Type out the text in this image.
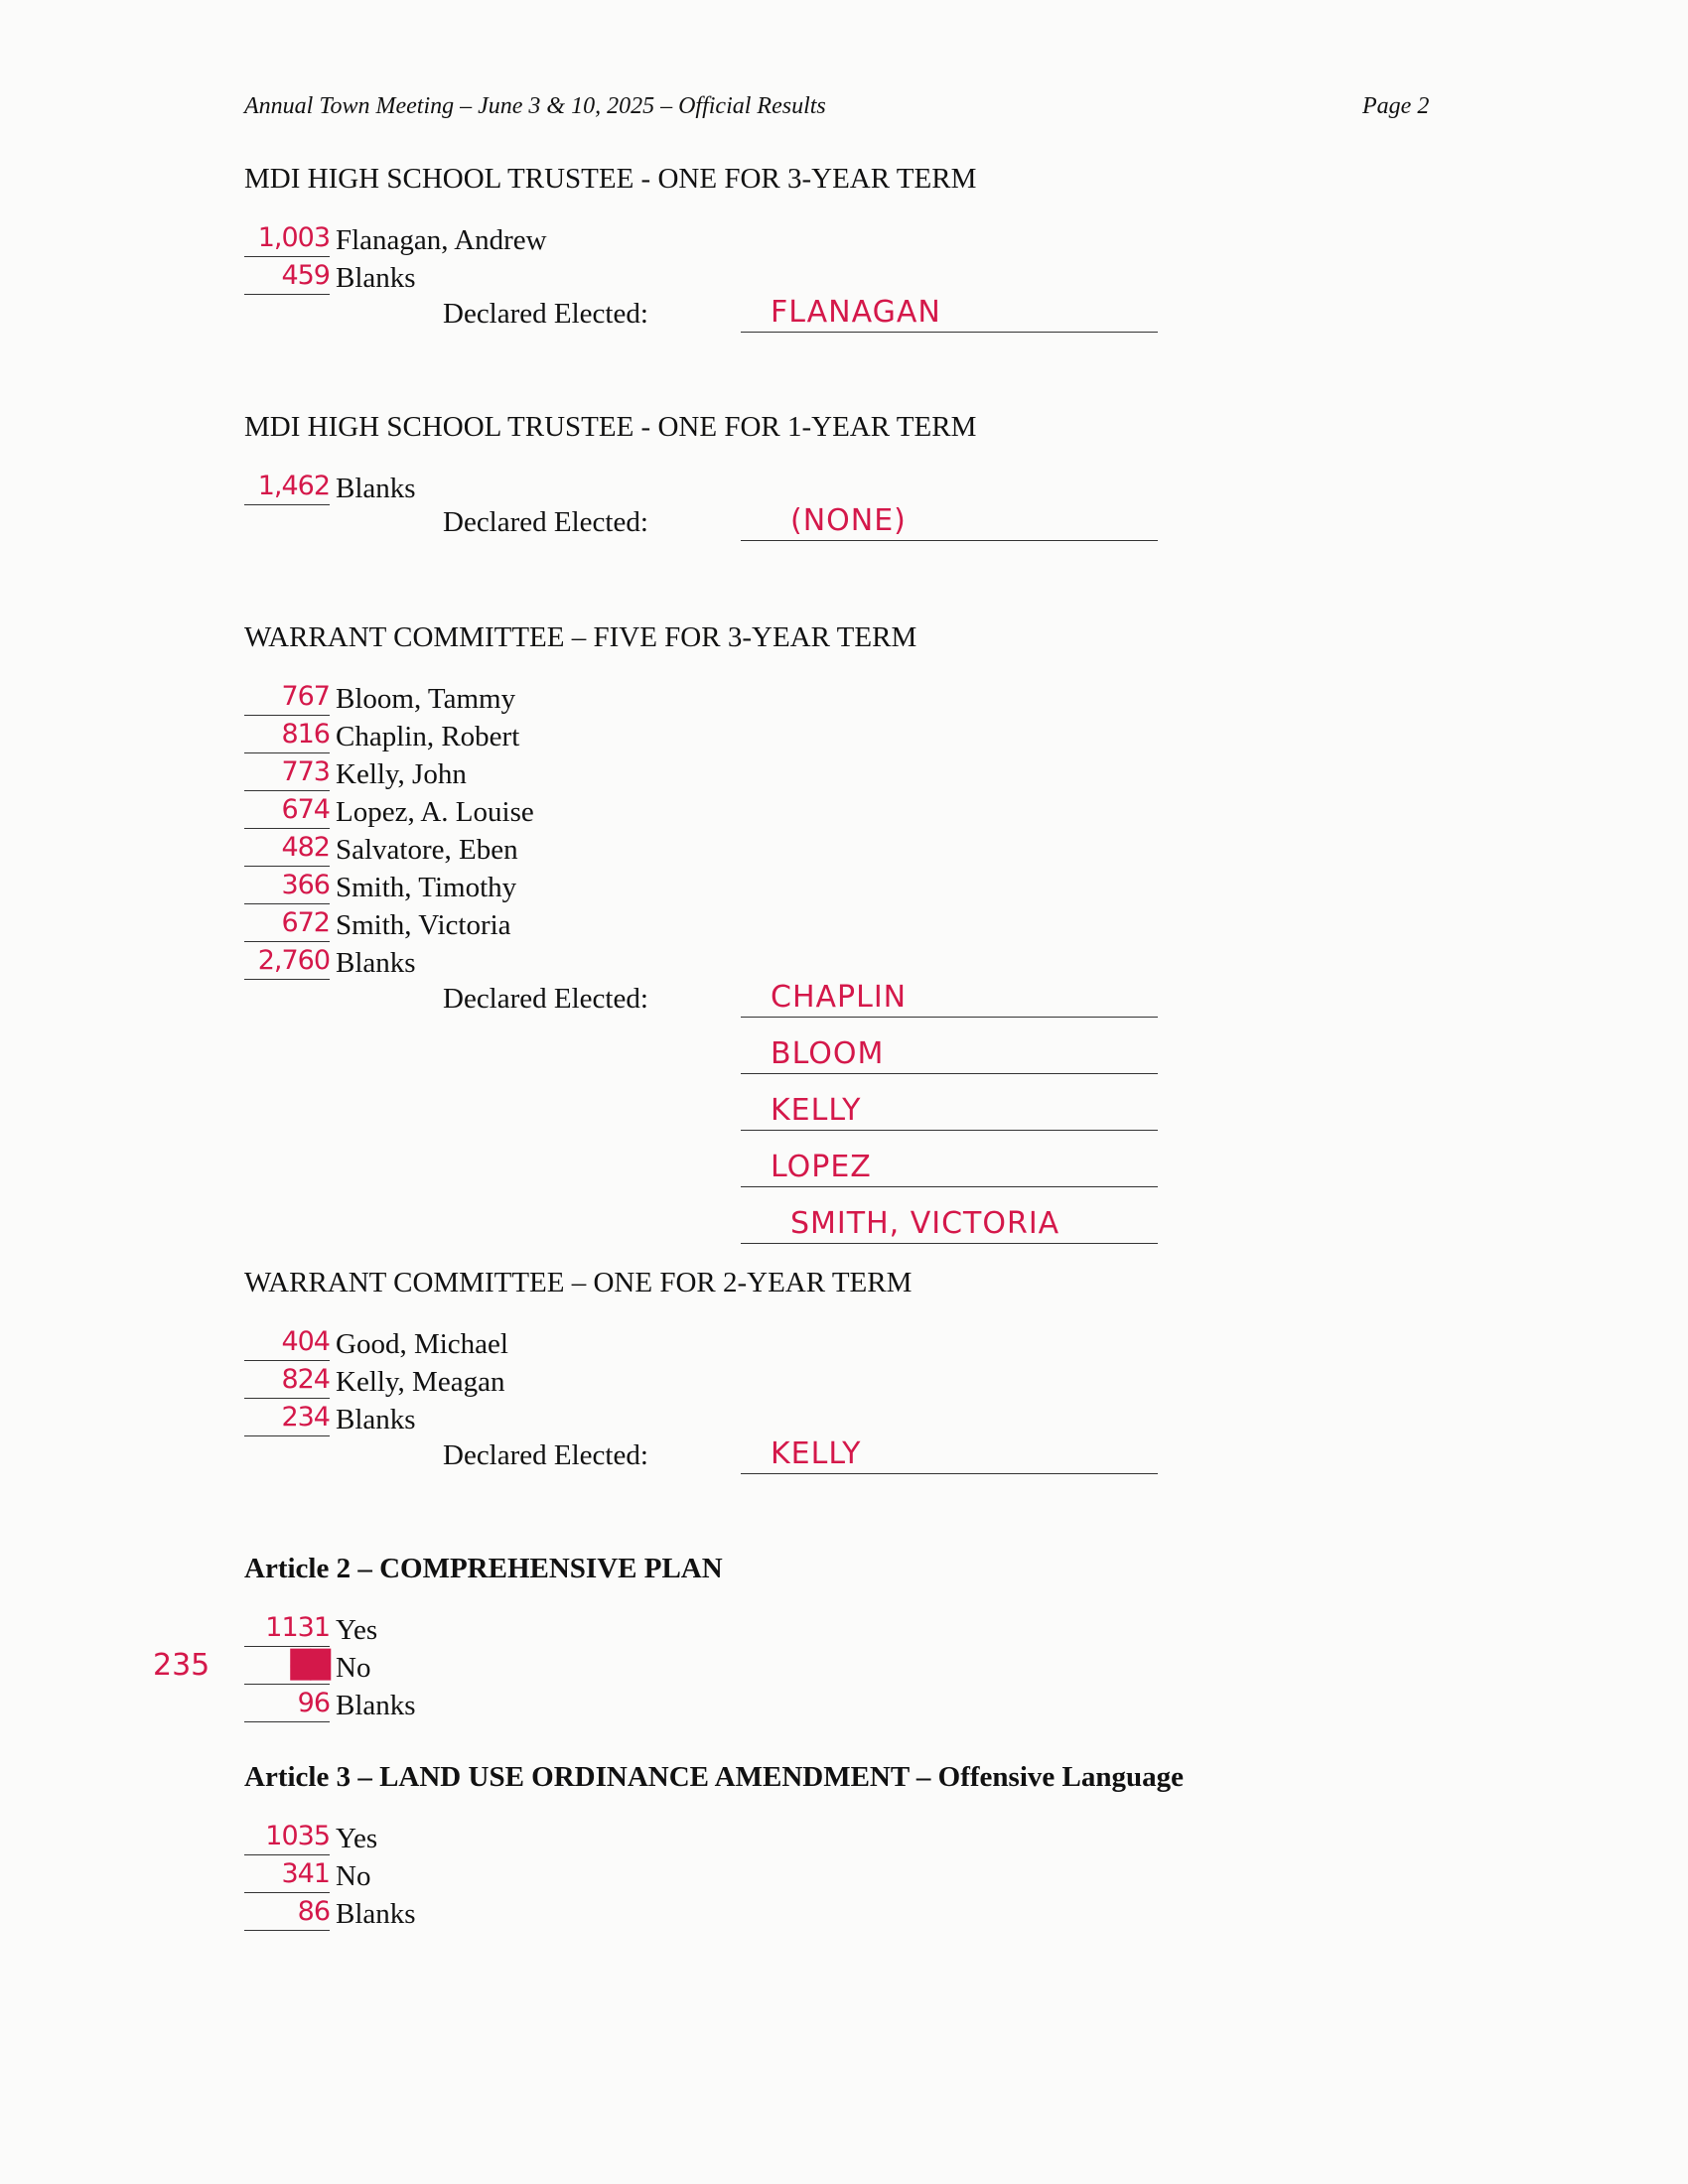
Annual Town Meeting – June 3 & 10, 2025 – Official Results	Page 2
MDI HIGH SCHOOL TRUSTEE - ONE FOR 3-YEAR TERM
1,003 Flanagan, Andrew
459 Blanks
Declared Elected:	FLANAGAN
MDI HIGH SCHOOL TRUSTEE - ONE FOR 1-YEAR TERM
1,462 Blanks
Declared Elected:	(NONE)
WARRANT COMMITTEE – FIVE FOR 3-YEAR TERM
767 Bloom, Tammy
816 Chaplin, Robert
773 Kelly, John
674 Lopez, A. Louise
482 Salvatore, Eben
366 Smith, Timothy
672 Smith, Victoria
2,760 Blanks
Declared Elected:	CHAPLIN
BLOOM
KELLY
LOPEZ
SMITH, VICTORIA
WARRANT COMMITTEE – ONE FOR 2-YEAR TERM
404 Good, Michael
824 Kelly, Meagan
234 Blanks
Declared Elected:	KELLY
Article 2 – COMPREHENSIVE PLAN
1131 Yes
235	██ No
96 Blanks
Article 3 – LAND USE ORDINANCE AMENDMENT – Offensive Language
1035 Yes
341 No
86 Blanks
